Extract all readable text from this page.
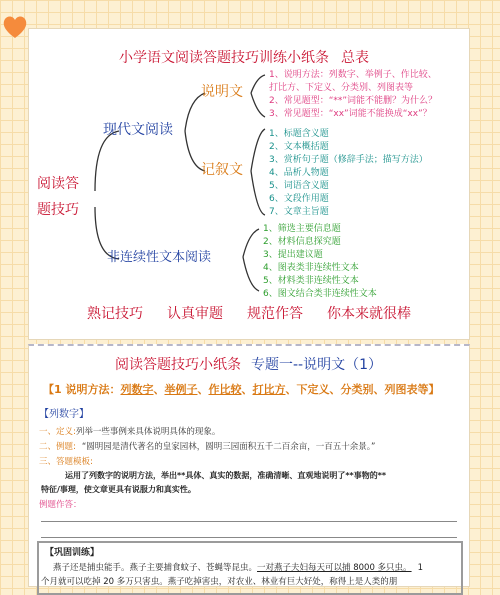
小学语文阅读答题技巧训练小纸条 总表
阅读答
题技巧
现代文阅读
非连续性文本阅读
说明文
记叙文
1、说明方法：列数字、举例子、作比较、
打比方、下定义、分类别、列图表等
2、常见题型：“**”词能不能删？为什么？
3、常见题型：“xx”词能不能换成“xx”？
1、标题含义题
2、文本概括题
3、赏析句子题（修辞手法；描写方法）
4、品析人物题
5、词语含义题
6、文段作用题
7、文章主旨题
1、筛选主要信息题
2、材料信息探究题
3、提出建议题
4、图表类非连续性文本
5、材料类非连续性文本
6、图文结合类非连续性文本
熟记技巧 认真审题 规范作答 你本来就很棒
阅读答题技巧小纸条 专题一--说明文（1）
【1 说明方法：列数字、举例子、作比较、打比方、下定义、分类别、列图表等】
【列数字】
一、定义:列举一些事例来具体说明具体的现象。
二、例题: “圆明园是清代著名的皇家园林，圆明三园面积五千二百余亩，一百五十余景。”
三、答题模板:
运用了列数字的说明方法，举出**具体、真实的数据，准确清晰、直观地说明了**事物的**
特征/事理，使文章更具有说服力和真实性。
例题作答：
【巩固训练】
燕子还是捕虫能手。燕子主要捕食蚊子、苍蝇等昆虫。一对燕子夫妇每天可以捕 8000 多只虫。 1
个月就可以吃掉 20 多万只害虫。燕子吃掉害虫，对农业、林业有巨大好处，称得上是人类的朋
